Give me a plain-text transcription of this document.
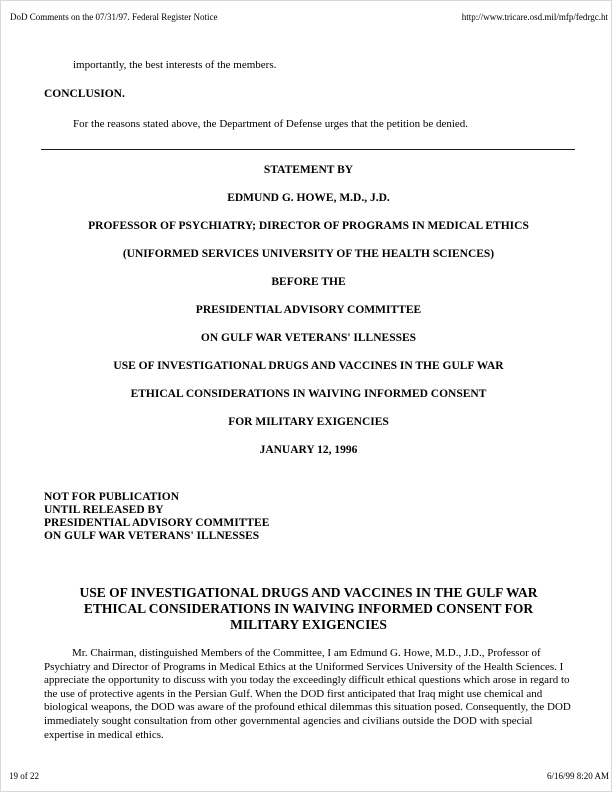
DoD Comments on the 07/31/97. Federal Register Notice	http://www.tricare.osd.mil/mfp/fedrgc.ht

importantly, the best interests of the members.

CONCLUSION.

For the reasons stated above, the Department of Defense urges that the petition be denied.

STATEMENT BY
EDMUND G. HOWE, M.D., J.D.
PROFESSOR OF PSYCHIATRY; DIRECTOR OF PROGRAMS IN MEDICAL ETHICS
(UNIFORMED SERVICES UNIVERSITY OF THE HEALTH SCIENCES)
BEFORE THE
PRESIDENTIAL ADVISORY COMMITTEE
ON GULF WAR VETERANS' ILLNESSES
USE OF INVESTIGATIONAL DRUGS AND VACCINES IN THE GULF WAR
ETHICAL CONSIDERATIONS IN WAIVING INFORMED CONSENT
FOR MILITARY EXIGENCIES
JANUARY 12, 1996
NOT FOR PUBLICATION
UNTIL RELEASED BY
PRESIDENTIAL ADVISORY COMMITTEE
ON GULF WAR VETERANS' ILLNESSES
USE OF INVESTIGATIONAL DRUGS AND VACCINES IN THE GULF WAR
ETHICAL CONSIDERATIONS IN WAIVING INFORMED CONSENT FOR
MILITARY EXIGENCIES

Mr. Chairman, distinguished Members of the Committee, I am Edmund G. Howe, M.D., J.D., Professor of Psychiatry and Director of Programs in Medical Ethics at the Uniformed Services University of the Health Sciences. I appreciate the opportunity to discuss with you today the exceedingly difficult ethical questions which arose in regard to the use of protective agents in the Persian Gulf. When the DOD first anticipated that Iraq might use chemical and biological weapons, the DOD was aware of the profound ethical dilemmas this situation posed. Consequently, the DOD immediately sought consultation from other governmental agencies and civilians outside the DOD with special expertise in medical ethics.

19 of 22	6/16/99 8:20 AM
